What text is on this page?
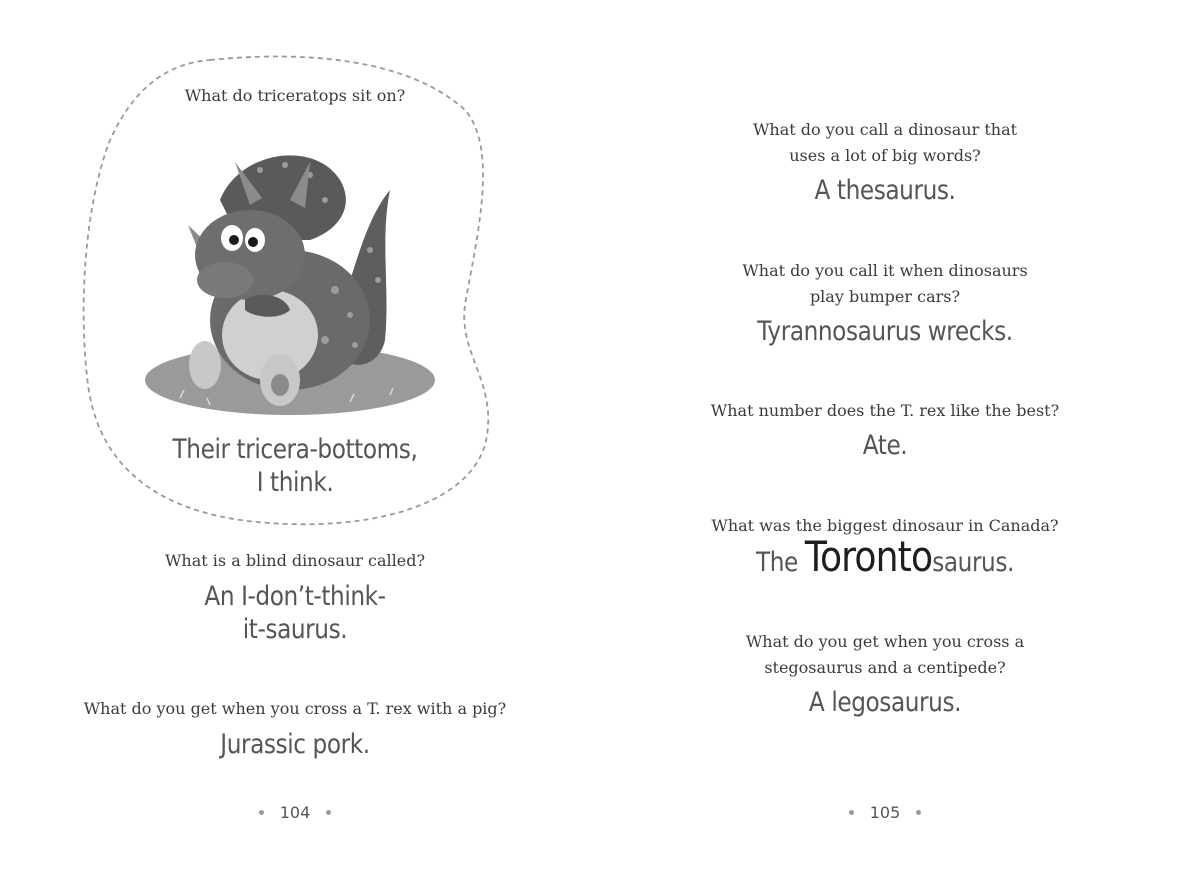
What do triceratops sit on?
Their tricera-bottoms,
I think.
What is a blind dinosaur called?
An I-don’t-think-
it-saurus.
What do you get when you cross a T. rex with a pig?
Jurassic pork.
104
What do you call a dinosaur that
uses a lot of big words?
A thesaurus.
What do you call it when dinosaurs
play bumper cars?
Tyrannosaurus wrecks.
What number does the T. rex like the best?
Ate.
What was the biggest dinosaur in Canada?
The Torontosaurus.
What do you get when you cross a
stegosaurus and a centipede?
A legosaurus.
105
